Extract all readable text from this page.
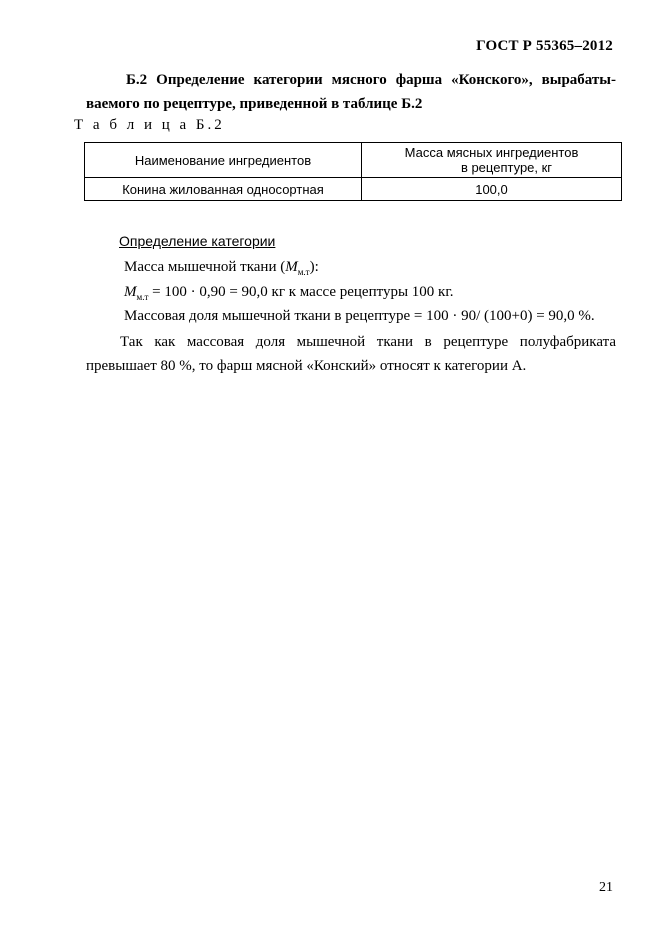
ГОСТ Р 55365–2012
Б.2 Определение категории мясного фарша «Конского», вырабаты-
ваемого по рецептуре, приведенной в таблице Б.2
Т а б л и ц а Б.2
Наименование ингредиентов	Масса мясных ингредиентов
в рецептуре, кг

Конина жилованная односортная	100,0
Определение категории
Масса мышечной ткани $(М_{м.т})$:
$М_{м.т} = 100 \cdot 0,90 = 90,0$ кг к массе рецептуры 100 кг.
Массовая доля мышечной ткани в рецептуре = 100 · 90/ (100+0) = 90,0 %.
Так как массовая доля мышечной ткани в рецептуре полуфабриката
превышает 80 %, то фарш мясной «Конский» относят к категории А.
21
